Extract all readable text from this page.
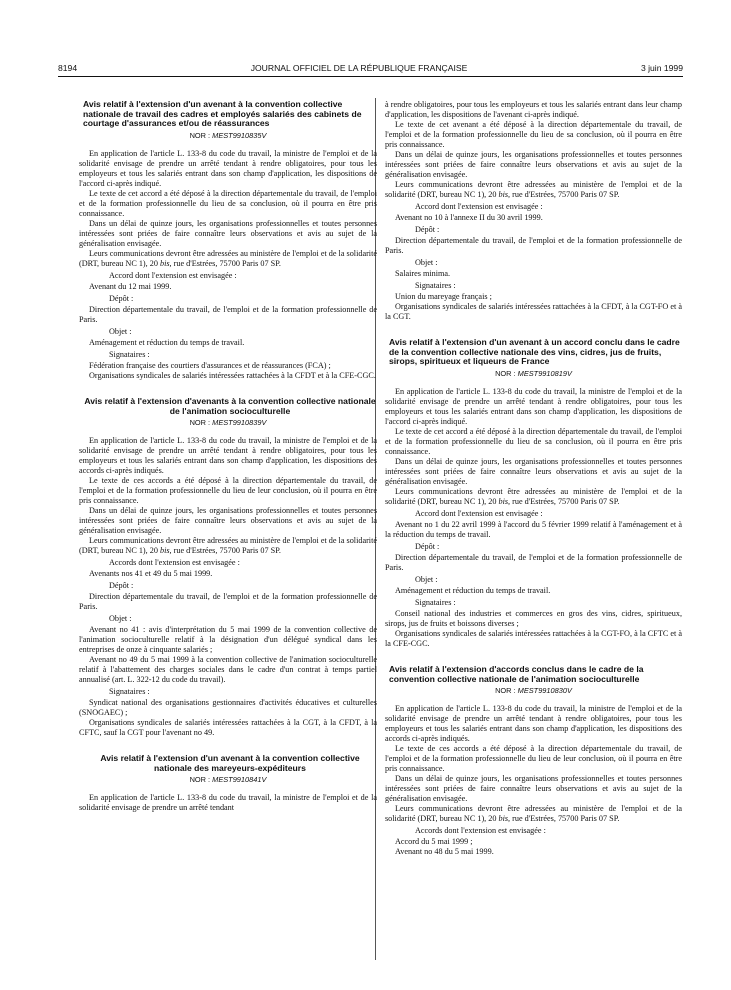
8194	JOURNAL OFFICIEL DE LA RÉPUBLIQUE FRANÇAISE	3 juin 1999

Avis relatif à l'extension d'un avenant à la convention collective nationale de travail des cadres et employés salariés des cabinets de courtage d'assurances et/ou de réassurances

NOR : MEST9910835V

En application de l'article L. 133-8 du code du travail, la ministre de l'emploi et de la solidarité envisage de prendre un arrêté tendant à rendre obligatoires, pour tous les employeurs et tous les salariés entrant dans son champ d'application, les dispositions de l'accord ci-après indiqué.

Le texte de cet accord a été déposé à la direction départementale du travail, de l'emploi et de la formation professionnelle du lieu de sa conclusion, où il pourra en être pris connaissance.

Dans un délai de quinze jours, les organisations professionnelles et toutes personnes intéressées sont priées de faire connaître leurs observations et avis au sujet de la généralisation envisagée.

Leurs communications devront être adressées au ministère de l'emploi et de la solidarité (DRT, bureau NC 1), 20 bis, rue d'Estrées, 75700 Paris 07 SP.

Accord dont l'extension est envisagée :

Avenant du 12 mai 1999.

Dépôt :

Direction départementale du travail, de l'emploi et de la formation professionnelle de Paris.

Objet :

Aménagement et réduction du temps de travail.

Signataires :

Fédération française des courtiers d'assurances et de réassurances (FCA) ;

Organisations syndicales de salariés intéressées rattachées à la CFDT et à la CFE-CGC.

Avis relatif à l'extension d'avenants à la convention collective nationale de l'animation socioculturelle

NOR : MEST9910839V

En application de l'article L. 133-8 du code du travail, la ministre de l'emploi et de la solidarité envisage de prendre un arrêté tendant à rendre obligatoires, pour tous les employeurs et tous les salariés entrant dans son champ d'application, les dispositions des accords ci-après indiqués.

Le texte de ces accords a été déposé à la direction départementale du travail, de l'emploi et de la formation professionnelle du lieu de leur conclusion, où il pourra en être pris connaissance.

Dans un délai de quinze jours, les organisations professionnelles et toutes personnes intéressées sont priées de faire connaître leurs observations et avis au sujet de la généralisation envisagée.

Leurs communications devront être adressées au ministère de l'emploi et de la solidarité (DRT, bureau NC 1), 20 bis, rue d'Estrées, 75700 Paris 07 SP.

Accords dont l'extension est envisagée :

Avenants nos 41 et 49 du 5 mai 1999.

Dépôt :

Direction départementale du travail, de l'emploi et de la formation professionnelle de Paris.

Objet :

Avenant no 41 : avis d'interprétation du 5 mai 1999 de la convention collective de l'animation socioculturelle relatif à la désignation d'un délégué syndical dans les entreprises de onze à cinquante salariés ;

Avenant no 49 du 5 mai 1999 à la convention collective de l'animation socioculturelle relatif à l'abattement des charges sociales dans le cadre d'un contrat à temps partiel annualisé (art. L. 322-12 du code du travail).

Signataires :

Syndicat national des organisations gestionnaires d'activités éducatives et culturelles (SNOGAEC) ;

Organisations syndicales de salariés intéressées rattachées à la CGT, à la CFDT, à la CFTC, sauf la CGT pour l'avenant no 49.

Avis relatif à l'extension d'un avenant à la convention collective nationale des mareyeurs-expéditeurs

NOR : MEST9910841V

En application de l'article L. 133-8 du code du travail, la ministre de l'emploi et de la solidarité envisage de prendre un arrêté tendant

à rendre obligatoires, pour tous les employeurs et tous les salariés entrant dans leur champ d'application, les dispositions de l'avenant ci-après indiqué.

Le texte de cet avenant a été déposé à la direction départementale du travail, de l'emploi et de la formation professionnelle du lieu de sa conclusion, où il pourra en être pris connaissance.

Dans un délai de quinze jours, les organisations professionnelles et toutes personnes intéressées sont priées de faire connaître leurs observations et avis au sujet de la généralisation envisagée.

Leurs communications devront être adressées au ministère de l'emploi et de la solidarité (DRT, bureau NC 1), 20 bis, rue d'Estrées, 75700 Paris 07 SP.

Accord dont l'extension est envisagée :

Avenant no 10 à l'annexe II du 30 avril 1999.

Dépôt :

Direction départementale du travail, de l'emploi et de la formation professionnelle de Paris.

Objet :

Salaires minima.

Signataires :

Union du mareyage français ;

Organisations syndicales de salariés intéressées rattachées à la CFDT, à la CGT-FO et à la CGT.

Avis relatif à l'extension d'un avenant à un accord conclu dans le cadre de la convention collective nationale des vins, cidres, jus de fruits, sirops, spiritueux et liqueurs de France

NOR : MEST9910819V

En application de l'article L. 133-8 du code du travail, la ministre de l'emploi et de la solidarité envisage de prendre un arrêté tendant à rendre obligatoires, pour tous les employeurs et tous les salariés entrant dans son champ d'application, les dispositions de l'accord ci-après indiqué.

Le texte de cet accord a été déposé à la direction départementale du travail, de l'emploi et de la formation professionnelle du lieu de sa conclusion, où il pourra en être pris connaissance.

Dans un délai de quinze jours, les organisations professionnelles et toutes personnes intéressées sont priées de faire connaître leurs observations et avis au sujet de la généralisation envisagée.

Leurs communications devront être adressées au ministère de l'emploi et de la solidarité (DRT, bureau NC 1), 20 bis, rue d'Estrées, 75700 Paris 07 SP.

Accord dont l'extension est envisagée :

Avenant no 1 du 22 avril 1999 à l'accord du 5 février 1999 relatif à l'aménagement et à la réduction du temps de travail.

Dépôt :

Direction départementale du travail, de l'emploi et de la formation professionnelle de Paris.

Objet :

Aménagement et réduction du temps de travail.

Signataires :

Conseil national des industries et commerces en gros des vins, cidres, spiritueux, sirops, jus de fruits et boissons diverses ;

Organisations syndicales de salariés intéressées rattachées à la CGT-FO, à la CFTC et à la CFE-CGC.

Avis relatif à l'extension d'accords conclus dans le cadre de la convention collective nationale de l'animation socioculturelle

NOR : MEST9910830V

En application de l'article L. 133-8 du code du travail, la ministre de l'emploi et de la solidarité envisage de prendre un arrêté tendant à rendre obligatoires, pour tous les employeurs et tous les salariés entrant dans son champ d'application, les dispositions des accords ci-après indiqués.

Le texte de ces accords a été déposé à la direction départementale du travail, de l'emploi et de la formation professionnelle du lieu de leur conclusion, où il pourra en être pris connaissance.

Dans un délai de quinze jours, les organisations professionnelles et toutes personnes intéressées sont priées de faire connaître leurs observations et avis au sujet de la généralisation envisagée.

Leurs communications devront être adressées au ministère de l'emploi et de la solidarité (DRT, bureau NC 1), 20 bis, rue d'Estrées, 75700 Paris 07 SP.

Accords dont l'extension est envisagée :

Accord du 5 mai 1999 ;

Avenant no 48 du 5 mai 1999.
